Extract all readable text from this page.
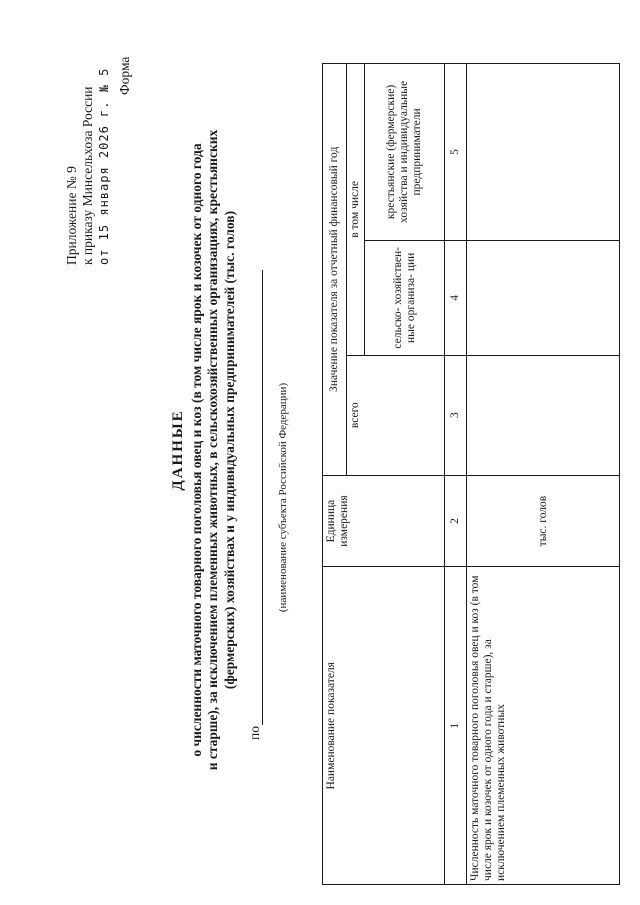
Приложение № 9 к приказу Минсельхоза России от 15 января 2026 г. № 5 Форма
ДАННЫЕ о численности маточного товарного поголовья овец и коз (в том числе ярок и козочек от одного года и старше), за исключением племенных животных, в сельскохозяйственных организациях, крестьянских (фермерских) хозяйствах и у индивидуальных предпринимателей (тыс. голов)
по
(наименование субъекта Российской Федерации)
Наименование показателя	Единица измерения	Значение показателя за отчетный финансовый год		
		всего	в том числе	
			сельско- хозяйствен- ные организа- ции	крестьянские (фермерские) хозяйства и индивидуальные предприниматели
1	2	3	4	5
Численность маточного товарного поголовья овец и коз (в том числе ярок и козочек от одного года и старше), за исключением племенных животных	тыс. голов			
